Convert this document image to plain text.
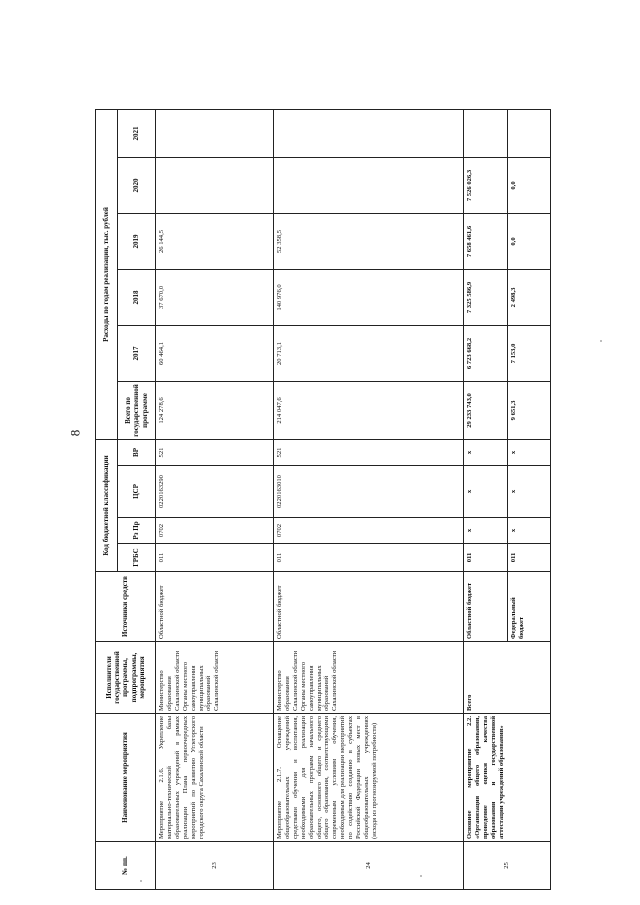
8
№ пп.	Наименование мероприятия	Исполнители государственной программы, подпрограммы, мероприятия	Источники средств	Код бюджетной классификации				Расходы по годам реализации, тыс. рублей					
				ГРБС	Рз Пр	ЦСР	ВР	Всего по государственной программе	2017	2018	2019	2020	2021
23	Мероприятие 2.1.6. Укрепление материально-технической базы образовательных учреждений в рамках реализации Плана первоочередных мероприятий по развитию Углегорского городского округа Сахалинской области	Министерство образования Сахалинской области Органы местного самоуправления муниципальных образований Сахалинской области	Областной бюджет	011	0702	0220163290	521	124 278,6	60 464,1	37 670,0	26 144,5		
24	Мероприятие 2.1.7. Оснащение общеобразовательных учреждений средствами обучения и воспитания, необходимыми для реализации образовательных программ начального общего, основного общего и среднего общего образования, соответствующими современным условиям обучения, необходимым для реализации мероприятий по содействию созданию в субъектах Российской Федерации новых мест в общеобразовательных учреждениях (исходя из прогнозируемой потребности)	Министерство образования Сахалинской области Органы местного самоуправления муниципальных образований Сахалинской области	Областной бюджет	011	0702	0220163010	521	214 047,6	20 713,1	140 976,0	52 358,5		
25	Основное мероприятие 2.2. «Организация общего образования, проведение оценки качества образования и государственной аттестации учреждений образования»	Всего	Областной бюджет	011	x	x	x	29 233 743,0	6 723 668,2	7 325 586,9	7 658 461,6	7 526 026,3	
			Федеральный бюджет	011	x	x	x	9 651,3	7 153,0	2 498,3	0,0	0,0	
